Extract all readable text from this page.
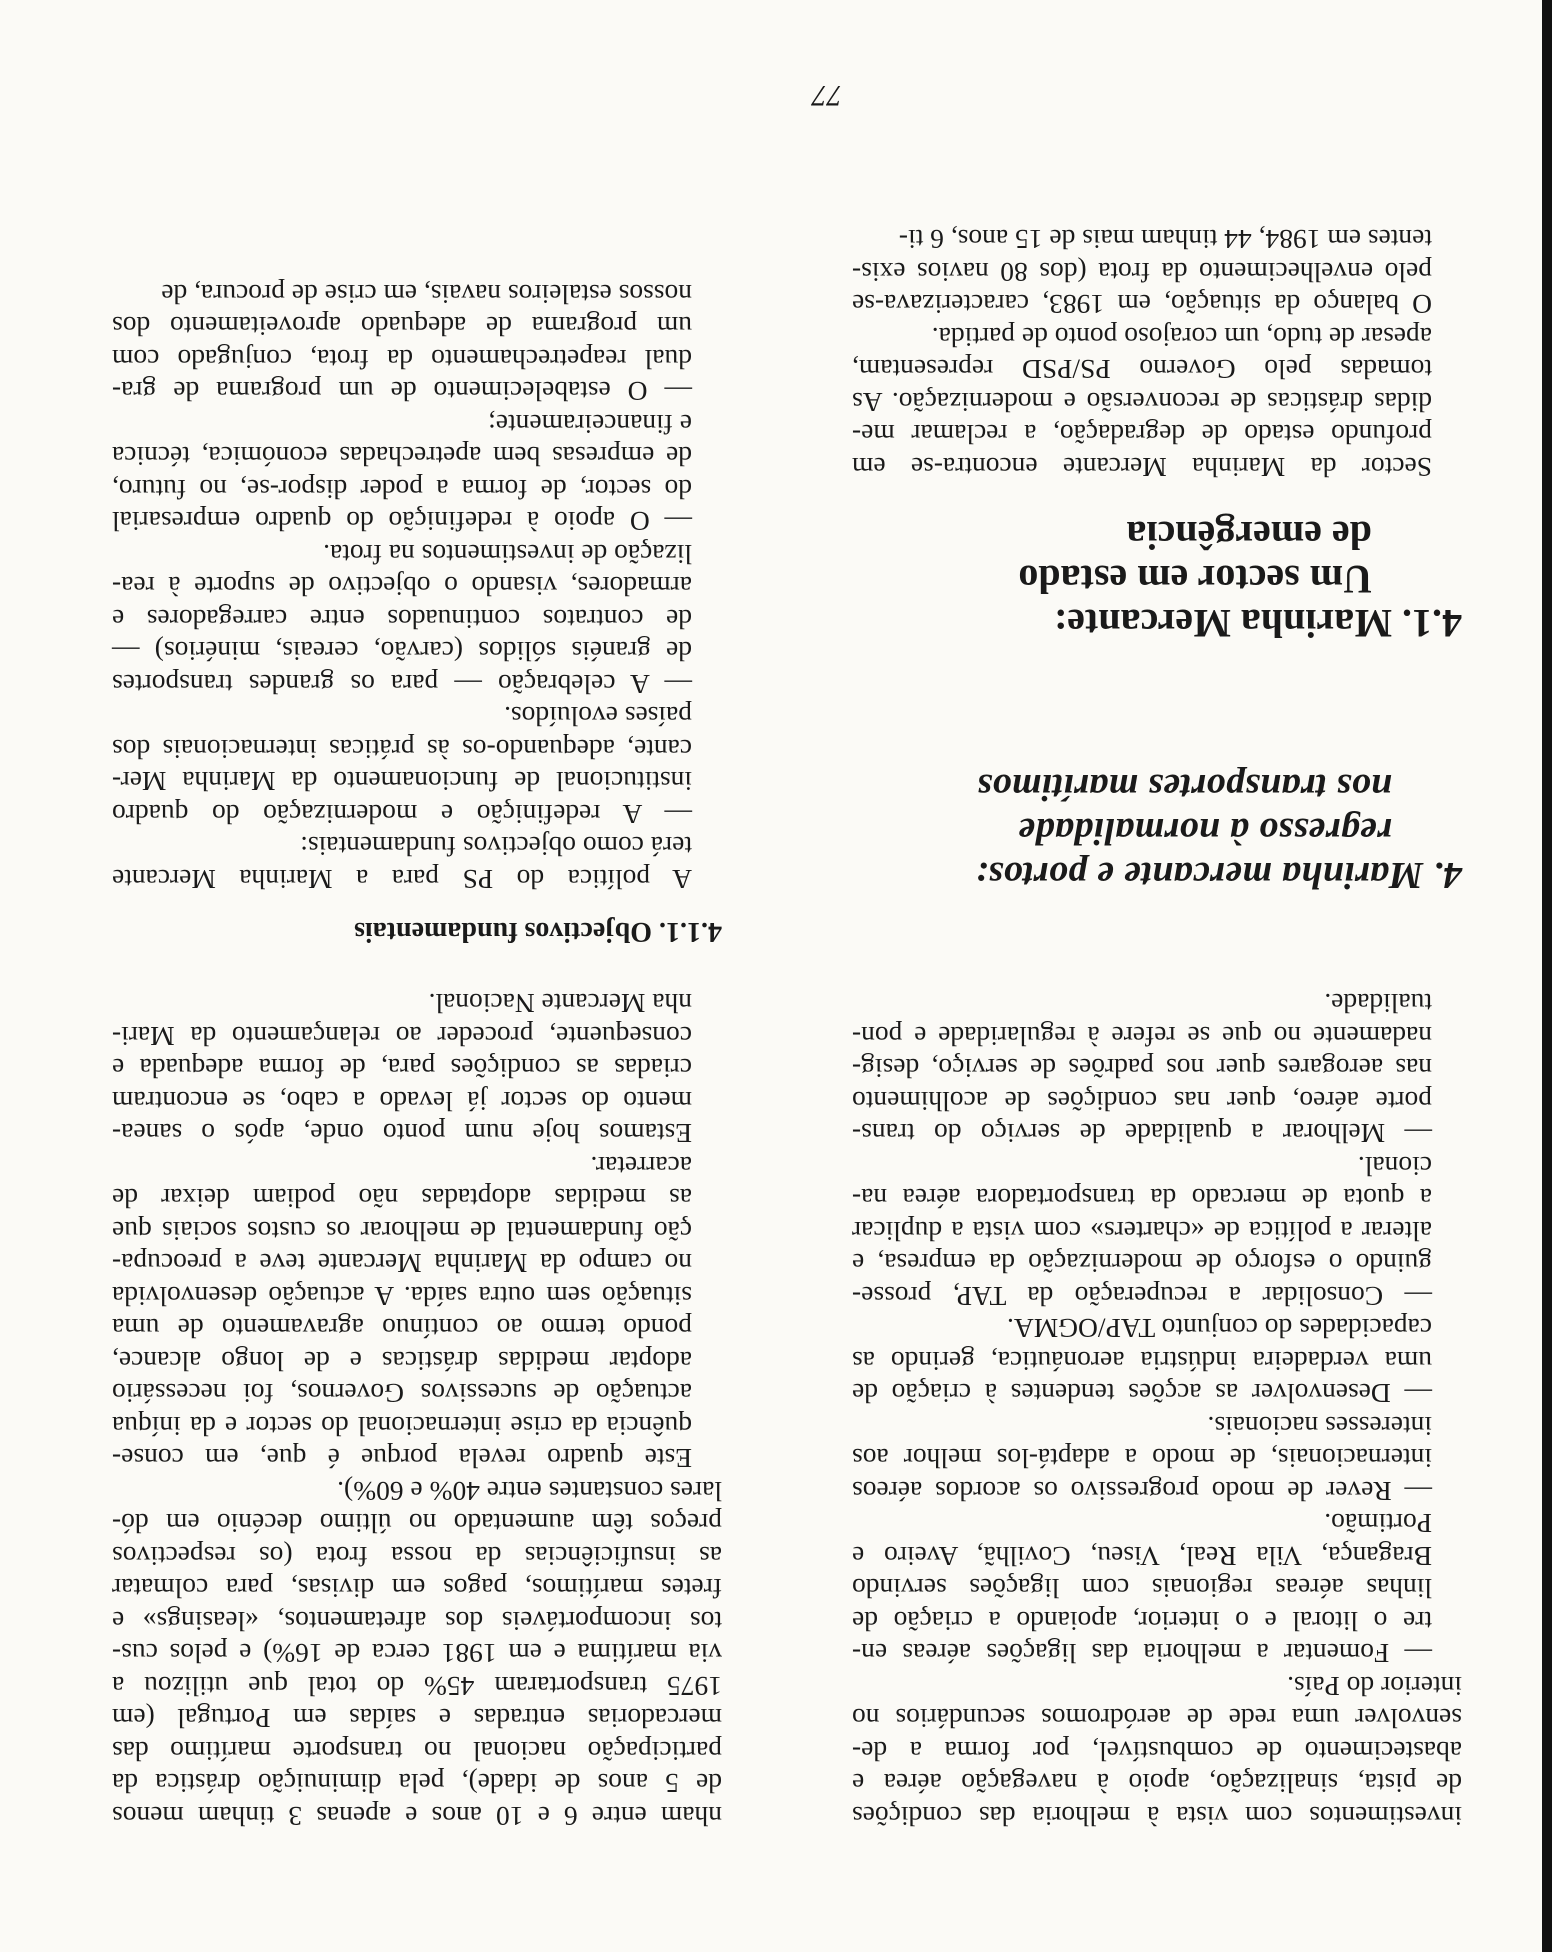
investimentos com vista à melhoria das condições
de pista, sinalização, apoio à navegação aérea e
abastecimento de combustível, por forma a de-
senvolver uma rede de aeródromos secundários no
interior do País.

— Fomentar a melhoria das ligações aéreas en-
tre o litoral e o interior, apoiando a criação de
linhas aéreas regionais com ligações servindo
Bragança, Vila Real, Viseu, Covilhã, Aveiro e
Portimão.

— Rever de modo progressivo os acordos aéreos
internacionais, de modo a adaptá-los melhor aos
interesses nacionais.

— Desenvolver as acções tendentes à criação de
uma verdadeira indústria aeronáutica, gerindo as
capacidades do conjunto TAP/OGMA.

— Consolidar a recuperação da TAP, prosse-
guindo o esforço de modernização da empresa, e
alterar a política de «charters» com vista a duplicar
a quota de mercado da transportadora aérea na-
cional.

— Melhorar a qualidade de serviço do trans-
porte aéreo, quer nas condições de acolhimento
nas aerogares quer nos padrões de serviço, desig-
nadamente no que se refere à regularidade e pon-
tualidade.

4. Marinha mercante e portos:
regresso à normalidade
nos transportes marítimos
4.1. Marinha Mercante:
Um sector em estado
de emergência

Sector da Marinha Mercante encontra-se em
profundo estado de degradação, a reclamar me-
didas drásticas de reconversão e modernização. As
tomadas pelo Governo PS/PSD representam,
apesar de tudo, um corajoso ponto de partida.

O balanço da situação, em 1983, caracterizava-se
pelo envelhecimento da frota (dos 80 navios exis-
tentes em 1984, 44 tinham mais de 15 anos, 6 ti-

nham entre 6 e 10 anos e apenas 3 tinham menos
de 5 anos de idade), pela diminuição drástica da
participação nacional no transporte marítimo das
mercadorias entradas e saídas em Portugal (em
1975 transportaram 45% do total que utilizou a
via marítima e em 1981 cerca de 16%) e pelos cus-
tos incomportáveis dos afretamentos, «leasings» e
fretes marítimos, pagos em divisas, para colmatar
as insuficiências da nossa frota (os respectivos
preços têm aumentado no último decénio em dó-
lares constantes entre 40% e 60%).

Este quadro revela porque é que, em conse-
quência da crise internacional do sector e da iníqua
actuação de sucessivos Governos, foi necessário
adoptar medidas drásticas e de longo alcance,
pondo termo ao contínuo agravamento de uma
situação sem outra saída. A actuação desenvolvida
no campo da Marinha Mercante teve a preocupa-
ção fundamental de melhorar os custos sociais que
as medidas adoptadas não podiam deixar de
acarretar.

Estamos hoje num ponto onde, após o sanea-
mento do sector já levado a cabo, se encontram
criadas as condições para, de forma adequada e
consequente, proceder ao relançamento da Mari-
nha Mercante Nacional.

4.1.1. Objectivos fundamentais

A política do PS para a Marinha Mercante
terá como objectivos fundamentais:

— A redefinição e modernização do quadro
institucional de funcionamento da Marinha Mer-
cante, adequando-os às práticas internacionais dos
países evoluídos.

— A celebração — para os grandes transportes
de granéis sólidos (carvão, cereais, minérios) —
de contratos continuados entre carregadores e
armadores, visando o objectivo de suporte à rea-
lização de investimentos na frota.

— O apoio à redefinição do quadro empresarial
do sector, de forma a poder dispor-se, no futuro,
de empresas bem apetrechadas económica, técnica
e financeiramente;

— O estabelecimento de um programa de gra-
dual reapetrechamento da frota, conjugado com
um programa de adequado aproveitamento dos
nossos estaleiros navais, em crise de procura, de

77
